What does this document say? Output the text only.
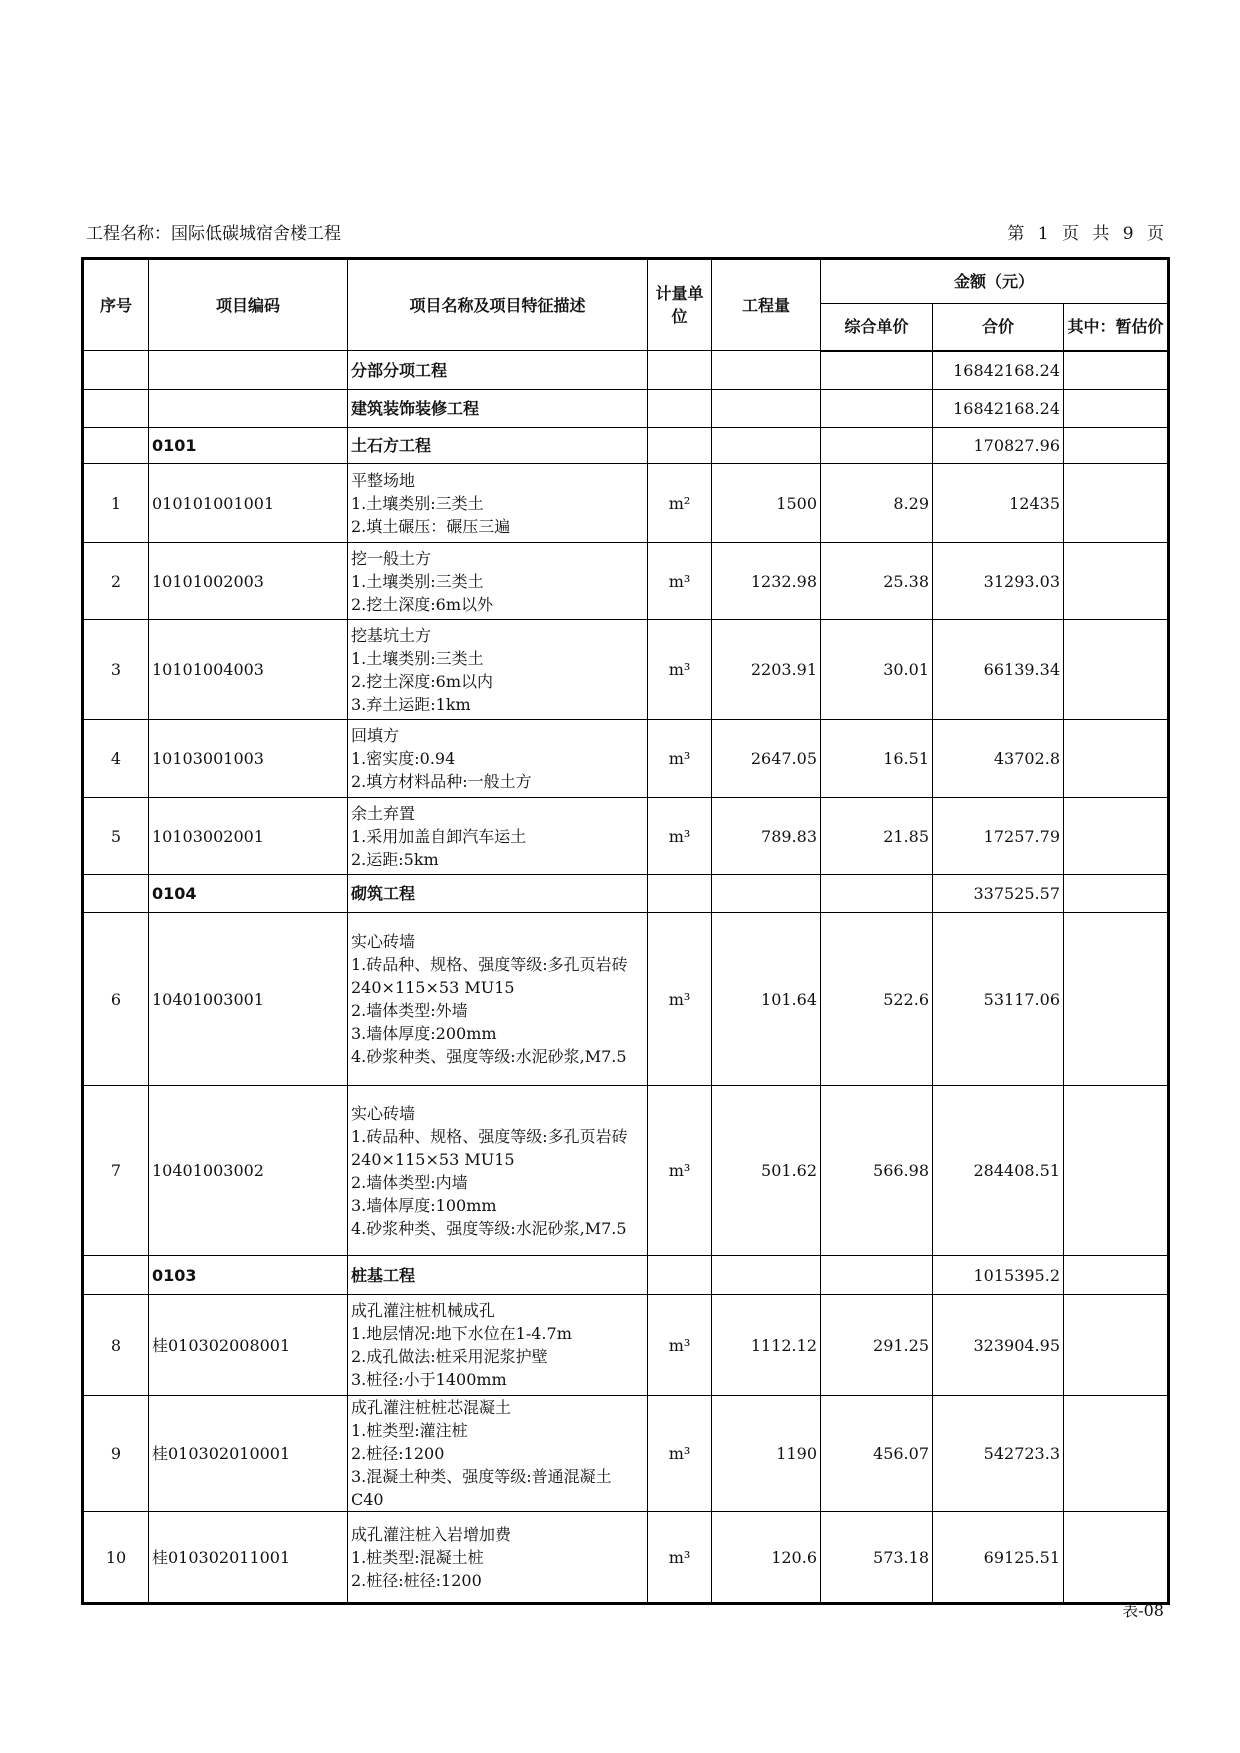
工程名称：国际低碳城宿舍楼工程	第 1 页 共 9 页
序号	项目编码	项目名称及项目特征描述	计量单位	工程量	金额（元）		
					综合单价	合价	其中：暂估价
		分部分项工程				16842168.24	
		建筑装饰装修工程				16842168.24	
	0101	土石方工程				170827.96	
1	010101001001	平整场地
1.土壤类别:三类土
2.填土碾压：碾压三遍	m²	1500	8.29	12435	
2	10101002003	挖一般土方
1.土壤类别:三类土
2.挖土深度:6m以外	m³	1232.98	25.38	31293.03	
3	10101004003	挖基坑土方
1.土壤类别:三类土
2.挖土深度:6m以内
3.弃土运距:1km	m³	2203.91	30.01	66139.34	
4	10103001003	回填方
1.密实度:0.94
2.填方材料品种:一般土方	m³	2647.05	16.51	43702.8	
5	10103002001	余土弃置
1.采用加盖自卸汽车运土
2.运距:5km	m³	789.83	21.85	17257.79	
	0104	砌筑工程				337525.57	
6	10401003001	实心砖墙
1.砖品种、规格、强度等级:多孔页岩砖 240×115×53 MU15
2.墙体类型:外墙
3.墙体厚度:200mm
4.砂浆种类、强度等级:水泥砂浆,M7.5	m³	101.64	522.6	53117.06	
7	10401003002	实心砖墙
1.砖品种、规格、强度等级:多孔页岩砖 240×115×53 MU15
2.墙体类型:内墙
3.墙体厚度:100mm
4.砂浆种类、强度等级:水泥砂浆,M7.5	m³	501.62	566.98	284408.51	
	0103	桩基工程				1015395.2	
8	桂010302008001	成孔灌注桩机械成孔
1.地层情况:地下水位在1-4.7m
2.成孔做法:桩采用泥浆护壁
3.桩径:小于1400mm	m³	1112.12	291.25	323904.95	
9	桂010302010001	成孔灌注桩桩芯混凝土
1.桩类型:灌注桩
2.桩径:1200
3.混凝土种类、强度等级:普通混凝土 C40	m³	1190	456.07	542723.3	
10	桂010302011001	成孔灌注桩入岩增加费
1.桩类型:混凝土桩
2.桩径:桩径:1200	m³	120.6	573.18	69125.51	
表-08
